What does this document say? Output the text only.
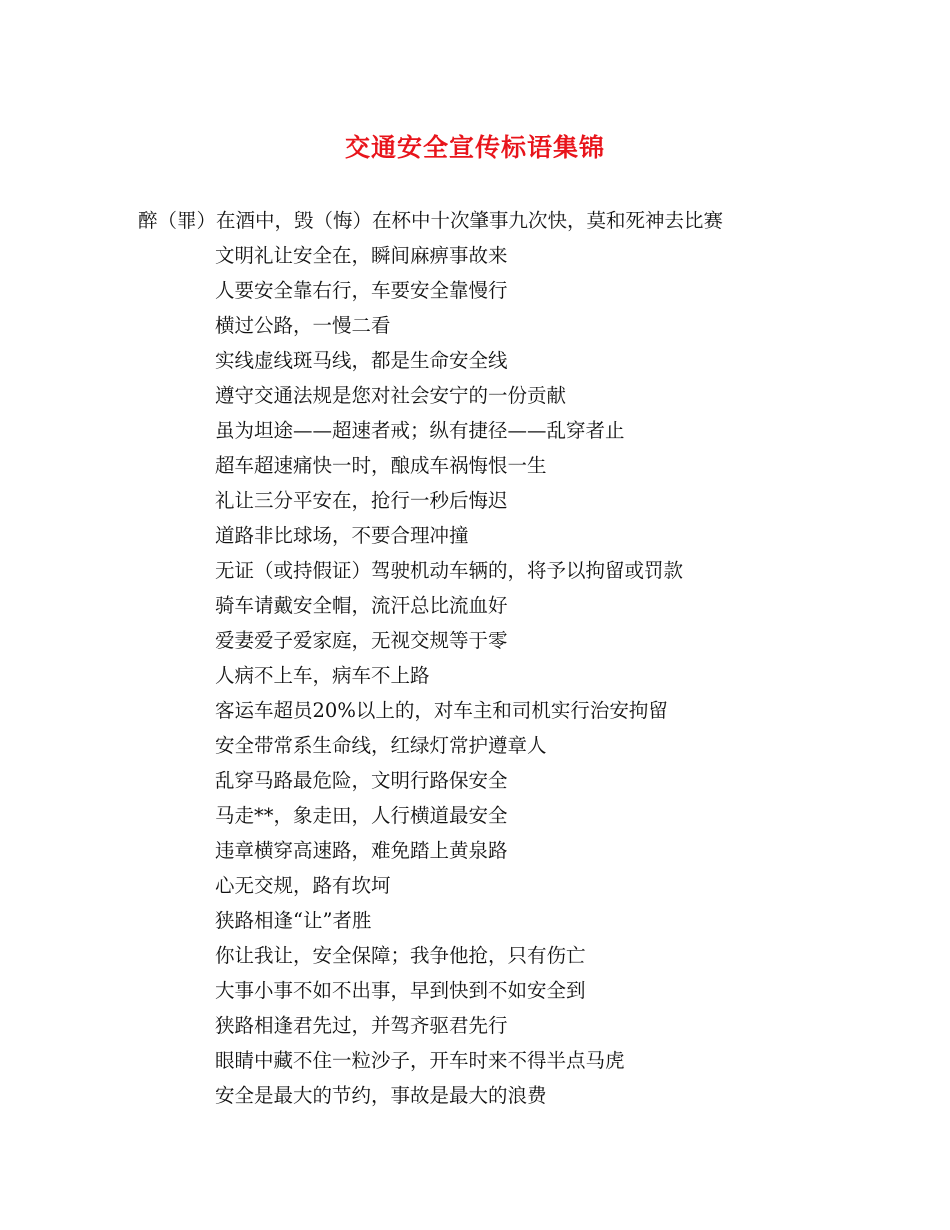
交通安全宣传标语集锦
醉（罪）在酒中，毁（悔）在杯中十次肇事九次快，莫和死神去比赛
文明礼让安全在，瞬间麻痹事故来
人要安全靠右行，车要安全靠慢行
横过公路，一慢二看
实线虚线斑马线，都是生命安全线
遵守交通法规是您对社会安宁的一份贡献
虽为坦途——超速者戒；纵有捷径——乱穿者止
超车超速痛快一时，酿成车祸悔恨一生
礼让三分平安在，抢行一秒后悔迟
道路非比球场，不要合理冲撞
无证（或持假证）驾驶机动车辆的，将予以拘留或罚款
骑车请戴安全帽，流汗总比流血好
爱妻爱子爱家庭，无视交规等于零
人病不上车，病车不上路
客运车超员20%以上的，对车主和司机实行治安拘留
安全带常系生命线，红绿灯常护遵章人
乱穿马路最危险，文明行路保安全
马走**，象走田，人行横道最安全
违章横穿高速路，难免踏上黄泉路
心无交规，路有坎坷
狭路相逢“让”者胜
你让我让，安全保障；我争他抢，只有伤亡
大事小事不如不出事，早到快到不如安全到
狭路相逢君先过，并驾齐驱君先行
眼睛中藏不住一粒沙子，开车时来不得半点马虎
安全是最大的节约，事故是最大的浪费
